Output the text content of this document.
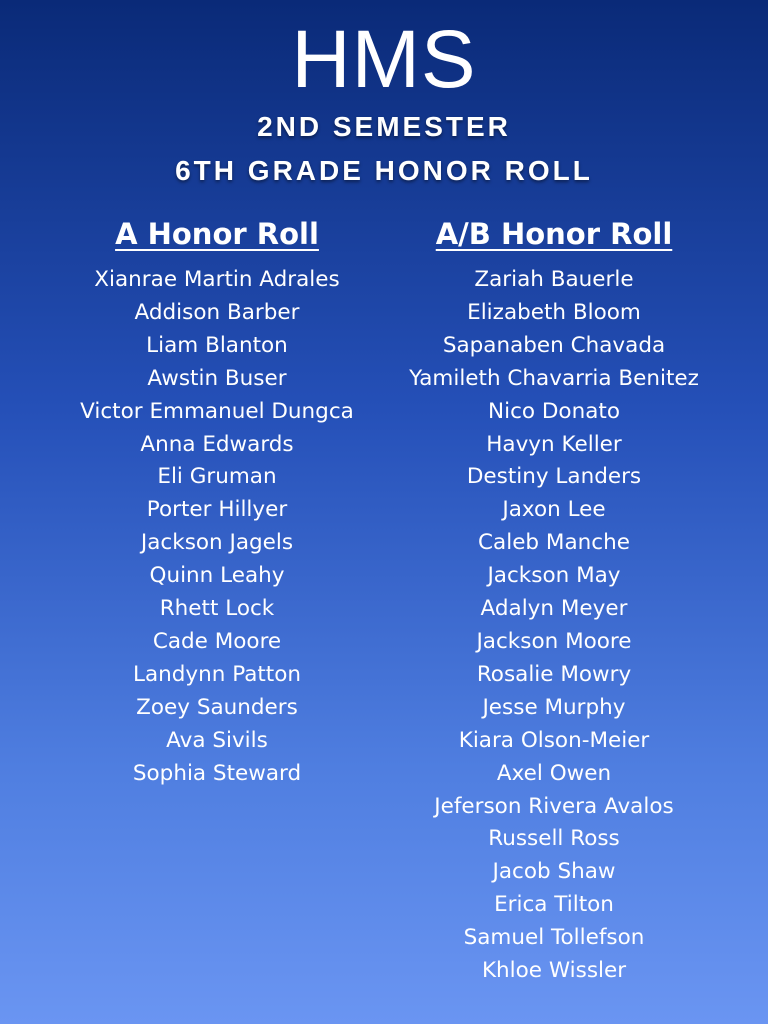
HMS
2ND SEMESTER
6TH GRADE HONOR ROLL
A Honor Roll
Xianrae Martin Adrales
Addison Barber
Liam Blanton
Awstin Buser
Victor Emmanuel Dungca
Anna Edwards
Eli Gruman
Porter Hillyer
Jackson Jagels
Quinn Leahy
Rhett Lock
Cade Moore
Landynn Patton
Zoey Saunders
Ava Sivils
Sophia Steward
A/B Honor Roll
Zariah Bauerle
Elizabeth Bloom
Sapanaben Chavada
Yamileth Chavarria Benitez
Nico Donato
Havyn Keller
Destiny Landers
Jaxon Lee
Caleb Manche
Jackson May
Adalyn Meyer
Jackson Moore
Rosalie Mowry
Jesse Murphy
Kiara Olson-Meier
Axel Owen
Jeferson Rivera Avalos
Russell Ross
Jacob Shaw
Erica Tilton
Samuel Tollefson
Khloe Wissler
